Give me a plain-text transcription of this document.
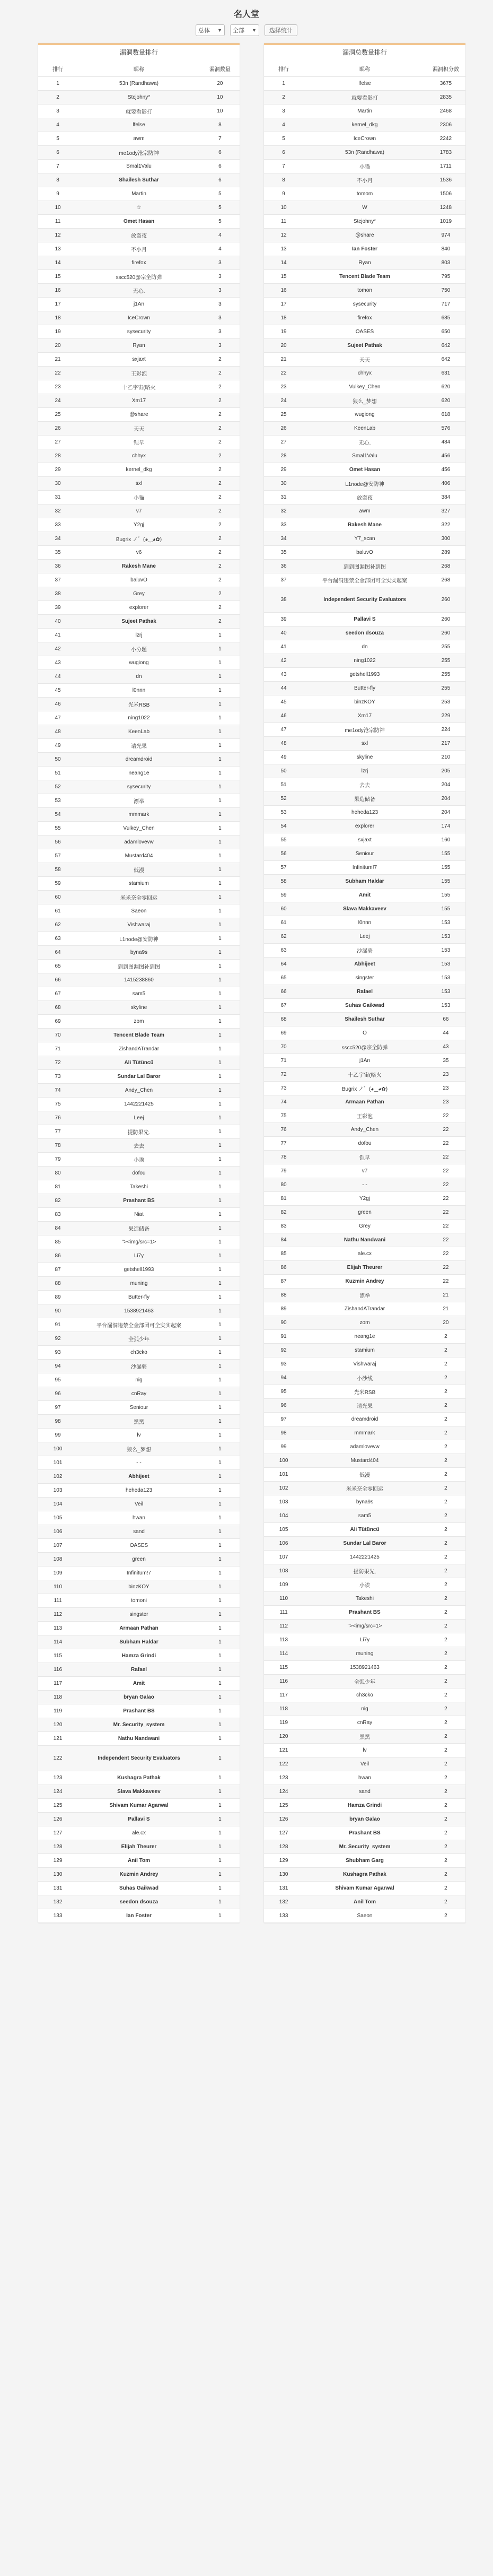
名人堂
总体 ▼ 全部 ▼	选择统计
漏洞数量排行
排行	昵称	漏洞数量
1	53n (Randhawa)	20
2	Stcjohny*	10
3	就要看影打	10
4	lfelse	8
5	awm	7
6	me1ody沧宗防神	6
7	Smal1Valu	6
8	Shailesh Suthar	6
9	Martin	5
10	☆	5
11	Omet Hasan	5
12	放盗夜	4
13	不小月	4
14	firefox	3
15	sscc520@宗全防弹	3
16	无心.	3
17	j1An	3
18	IceCrown	3
19	sysecurity	3
20	Ryan	3
21	sxjaxt	2
22	王彩泡	2
23	十乙宇宙(略火	2
24	Xm17	2
25	@share	2
26	天天	2
27	铠早	2
28	chhyx	2
29	kernel_dkg	2
30	sxl	2
31	小猫	2
32	v7	2
33	Y2gj	2
34	Bugrix ノ゛(◕‿◕✿)	2
35	v6	2
36	Rakesh Mane	2
37	baluvO	2
38	Grey	2
39	explorer	2
40	Sujeet Pathak	2
41	lzrj	1
42	小分题	1
43	wugiong	1
44	dn	1
45	l0nnn	1
46	光米RSB	1
47	ning1022	1
48	KeenLab	1
49	请光果	1
50	dreamdroid	1
51	neang1e	1
52	sysecurity	1
53	漂举	1
54	mmmark	1
55	Vulkey_Chen	1
56	adamlovevw	1
57	Mustard404	1
58	低漫	1
59	stamium	1
60	米米奈全零回运	1
61	Saeon	1
62	Vishwaraj	1
63	L1node@安防神	1
64	byna9s	1
65	到到图漏图补到图	1
66	1415238860	1
67	sam5	1
68	skyline	1
69	zom	1
70	Tencent Blade Team	1
71	ZishandATrandar	1
72	Ali Tütüncü	1
73	Sundar Lal Baror	1
74	Andy_Chen	1
75	1442221425	1
76	Leej	1
77	提防果先.	1
78	去去	1
79	小诶	1
80	dofou	1
81	Takeshi	1
82	Prashant BS	1
83	Niat	1
84	果造储备	1
85	"><img/src=1>	1
86	Li7y	1
87	getshell1993	1
88	muning	1
89	Butter-fly	1
90	1538921463	1
91	平台漏洞违禁全金部团可全实实起案	1
92	全弧少年	1
93	ch3cko	1
94	沙漏骑	1
95	nig	1
96	cnRay	1
97	Seniour	1
98	黑黑	1
99	lv	1
100	狼么_梦想	1
101	- -	1
102	Abhijeet	1
103	heheda123	1
104	Veil	1
105	hwan	1
106	sand	1
107	OASES	1
108	green	1
109	Infinitum!7	1
110	binzKOY	1
111	tomoni	1
112	singster	1
113	Armaan Pathan	1
114	Subham Haldar	1
115	Hamza Grindi	1
116	Rafael	1
117	Amit	1
118	bryan Galao	1
119	Prashant BS	1
120	Mr. Security_system	1
121	Nathu Nandwani	1
122	Independent Security Evaluators	1
123	Kushagra Pathak	1
124	Slava Makkaveev	1
125	Shivam Kumar Agarwal	1
126	Pallavi S	1
127	ale.cx	1
128	Elijah Theurer	1
129	Anil Tom	1
130	Kuzmin Andrey	1
131	Suhas Gaikwad	1
132	seedon dsouza	1
133	Ian Foster	1
漏洞总数量排行
排行	昵称	漏洞积分数
1	lfelse	3675
2	就要看影打	2835
3	Martin	2468
4	kernel_dkg	2306
5	IceCrown	2242
6	53n (Randhawa)	1783
7	小猫	1711
8	不小月	1536
9	tomom	1506
10	W	1248
11	Stcjohny*	1019
12	@share	974
13	Ian Foster	840
14	Ryan	803
15	Tencent Blade Team	795
16	tomon	750
17	sysecurity	717
18	firefox	685
19	OASES	650
20	Sujeet Pathak	642
21	天天	642
22	chhyx	631
23	Vulkey_Chen	620
24	狼么_梦想	620
25	wugiong	618
26	KeenLab	576
27	无心.	484
28	Smal1Valu	456
29	Omet Hasan	456
30	L1node@安防神	406
31	放盗夜	384
32	awm	327
33	Rakesh Mane	322
34	Y7_scan	300
35	baluvO	289
36	到到图漏图补到图	268
37	平台漏洞违禁全金部团可全实实起案	268
38	Independent Security Evaluators	260
39	Pallavi S	260
40	seedon dsouza	260
41	dn	255
42	ning1022	255
43	getshell1993	255
44	Butter-fly	255
45	binzKOY	253
46	Xm17	229
47	me1ody沧宗防神	224
48	sxl	217
49	skyline	210
50	lzrj	205
51	去去	204
52	果造储备	204
53	heheda123	204
54	explorer	174
55	sxjaxt	160
56	Seniour	155
57	Infinitum!7	155
58	Subham Haldar	155
59	Amit	155
60	Slava Makkaveev	155
61	l0nnn	153
62	Leej	153
63	沙漏骑	153
64	Abhijeet	153
65	singster	153
66	Rafael	153
67	Suhas Gaikwad	153
68	Shailesh Suthar	66
69	O	44
70	sscc520@宗全防弹	43
71	j1An	35
72	十乙宇宙(略火	23
73	Bugrix ノ゛(◕‿◕✿)	23
74	Armaan Pathan	23
75	王彩泡	22
76	Andy_Chen	22
77	dofou	22
78	铠早	22
79	v7	22
80	- -	22
81	Y2gj	22
82	green	22
83	Grey	22
84	Nathu Nandwani	22
85	ale.cx	22
86	Elijah Theurer	22
87	Kuzmin Andrey	22
88	漂举	21
89	ZishandATrandar	21
90	zom	20
91	neang1e	2
92	stamium	2
93	Vishwaraj	2
94	小沙线	2
95	光米RSB	2
96	请光果	2
97	dreamdroid	2
98	mmmark	2
99	adamlovevw	2
100	Mustard404	2
101	低漫	2
102	米米奈全零回运	2
103	byna9s	2
104	sam5	2
105	Ali Tütüncü	2
106	Sundar Lal Baror	2
107	1442221425	2
108	提防果先.	2
109	小诶	2
110	Takeshi	2
111	Prashant BS	2
112	"><img/src=1>	2
113	Li7y	2
114	muning	2
115	1538921463	2
116	全弧少年	2
117	ch3cko	2
118	nig	2
119	cnRay	2
120	黑黑	2
121	lv	2
122	Veil	2
123	hwan	2
124	sand	2
125	Hamza Grindi	2
126	bryan Galao	2
127	Prashant BS	2
128	Mr. Security_system	2
129	Shubham Garg	2
130	Kushagra Pathak	2
131	Shivam Kumar Agarwal	2
132	Anil Tom	2
133	Saeon	2
